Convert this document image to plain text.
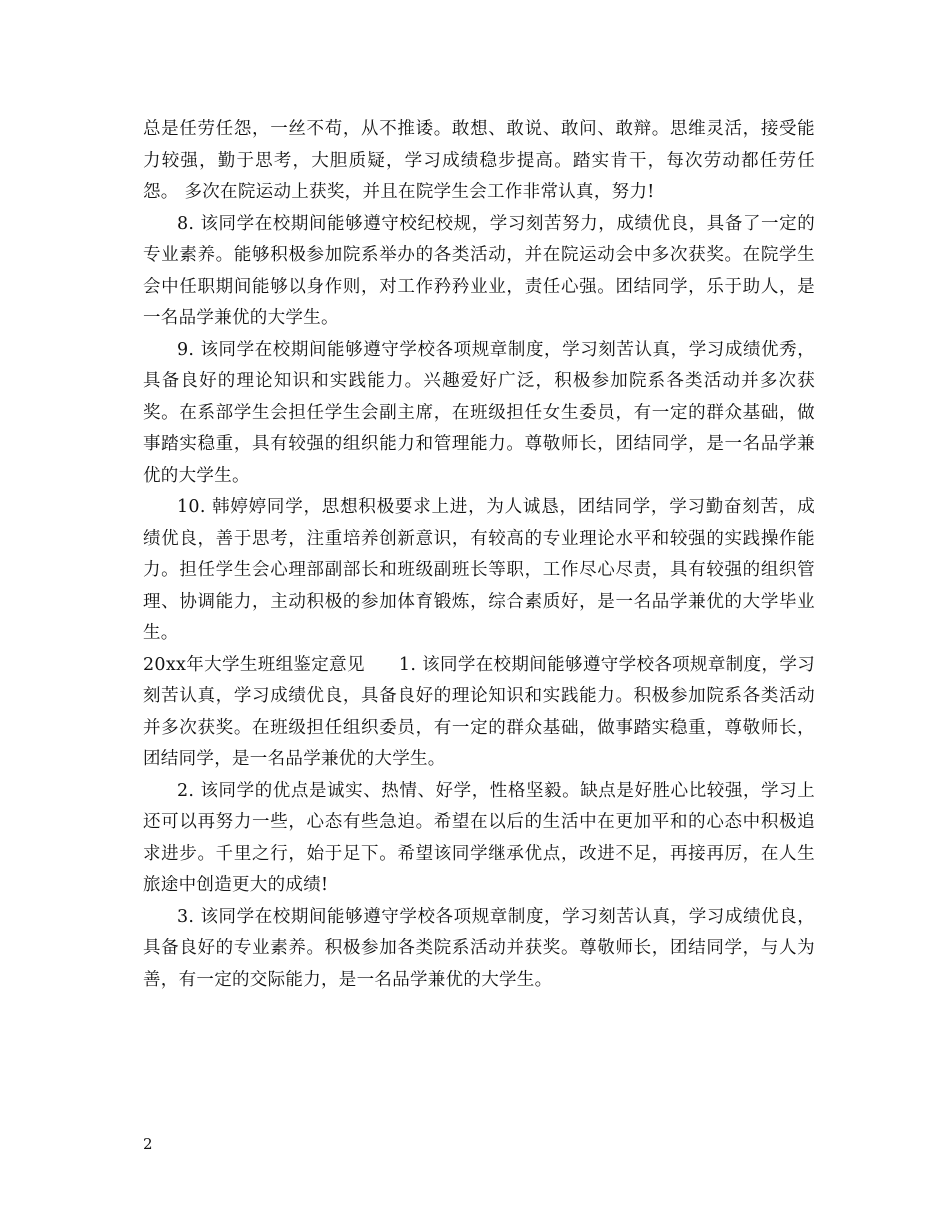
总是任劳任怨，一丝不苟，从不推诿。敢想、敢说、敢问、敢辩。思维灵活，接受能力较强，勤于思考，大胆质疑，学习成绩稳步提高。踏实肯干，每次劳动都任劳任怨。 多次在院运动上获奖，并且在院学生会工作非常认真，努力!

8. 该同学在校期间能够遵守校纪校规，学习刻苦努力，成绩优良，具备了一定的专业素养。能够积极参加院系举办的各类活动，并在院运动会中多次获奖。在院学生会中任职期间能够以身作则，对工作矜矜业业，责任心强。团结同学，乐于助人，是一名品学兼优的大学生。

9. 该同学在校期间能够遵守学校各项规章制度，学习刻苦认真，学习成绩优秀，具备良好的理论知识和实践能力。兴趣爱好广泛，积极参加院系各类活动并多次获奖。在系部学生会担任学生会副主席，在班级担任女生委员，有一定的群众基础，做事踏实稳重，具有较强的组织能力和管理能力。尊敬师长，团结同学，是一名品学兼优的大学生。

10. 韩婷婷同学，思想积极要求上进，为人诚恳，团结同学，学习勤奋刻苦，成绩优良，善于思考，注重培养创新意识，有较高的专业理论水平和较强的实践操作能力。担任学生会心理部副部长和班级副班长等职，工作尽心尽责，具有较强的组织管理、协调能力，主动积极的参加体育锻炼，综合素质好，是一名品学兼优的大学毕业生。

20xx年大学生班组鉴定意见 1. 该同学在校期间能够遵守学校各项规章制度，学习刻苦认真，学习成绩优良，具备良好的理论知识和实践能力。积极参加院系各类活动并多次获奖。在班级担任组织委员，有一定的群众基础，做事踏实稳重，尊敬师长，团结同学，是一名品学兼优的大学生。

2. 该同学的优点是诚实、热情、好学，性格坚毅。缺点是好胜心比较强，学习上还可以再努力一些，心态有些急迫。希望在以后的生活中在更加平和的心态中积极追求进步。千里之行，始于足下。希望该同学继承优点，改进不足，再接再厉，在人生旅途中创造更大的成绩!

3. 该同学在校期间能够遵守学校各项规章制度，学习刻苦认真，学习成绩优良，具备良好的专业素养。积极参加各类院系活动并获奖。尊敬师长，团结同学，与人为善，有一定的交际能力，是一名品学兼优的大学生。

2
